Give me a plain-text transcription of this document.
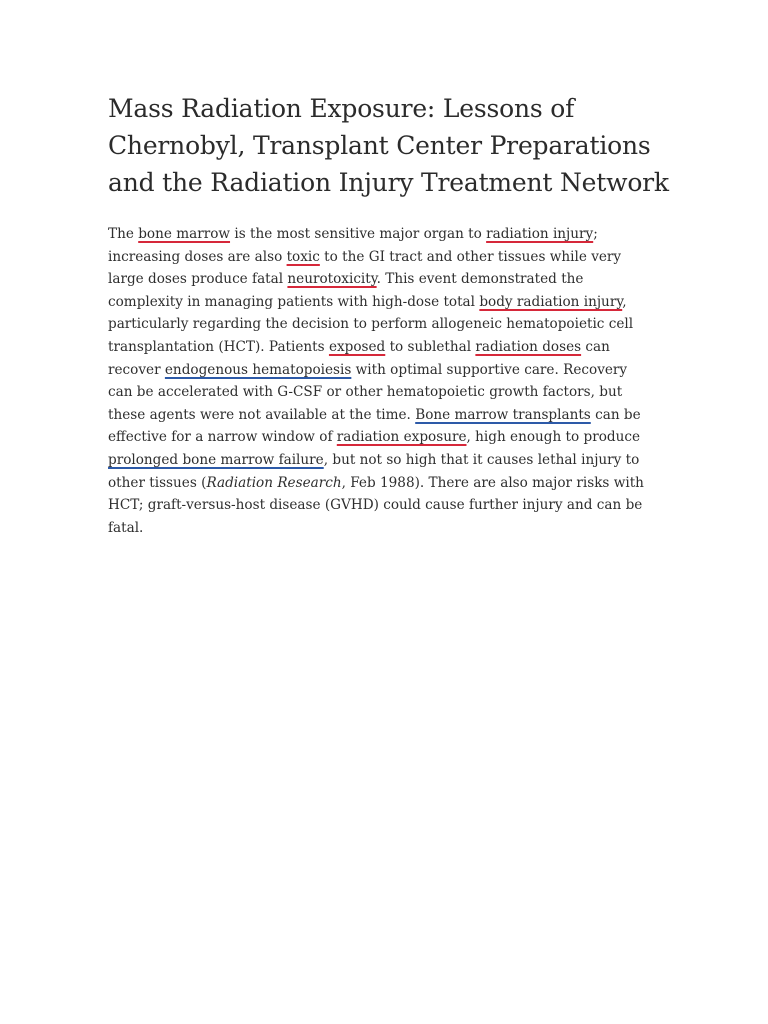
Mass Radiation Exposure: Lessons of Chernobyl, Transplant Center Preparations and the Radiation Injury Treatment Network

The bone marrow is the most sensitive major organ to radiation injury; increasing doses are also toxic to the GI tract and other tissues while very large doses produce fatal neurotoxicity. This event demonstrated the complexity in managing patients with high-dose total body radiation injury, particularly regarding the decision to perform allogeneic hematopoietic cell transplantation (HCT). Patients exposed to sublethal radiation doses can recover endogenous hematopoiesis with optimal supportive care. Recovery can be accelerated with G-CSF or other hematopoietic growth factors, but these agents were not available at the time. Bone marrow transplants can be effective for a narrow window of radiation exposure, high enough to produce prolonged bone marrow failure, but not so high that it causes lethal injury to other tissues (Radiation Research, Feb 1988). There are also major risks with HCT; graft-versus-host disease (GVHD) could cause further injury and can be fatal.
